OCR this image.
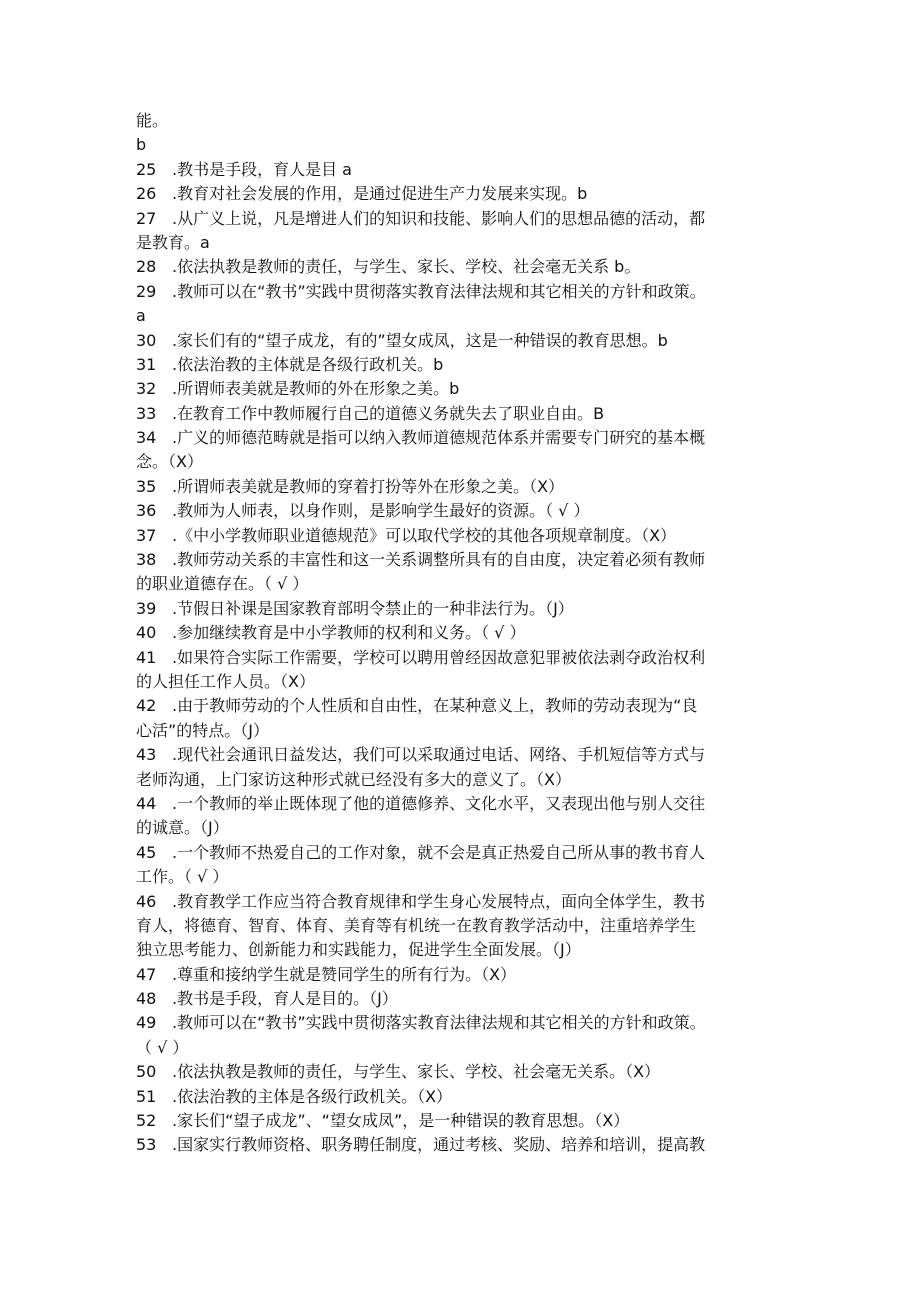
能。
b
25 .教书是手段，育人是目 a
26 .教育对社会发展的作用，是通过促进生产力发展来实现。b
27 .从广义上说，凡是增进人们的知识和技能、影响人们的思想品德的活动，都
是教育。a
28 .依法执教是教师的责任，与学生、家长、学校、社会毫无关系 b。
29 .教师可以在“教书”实践中贯彻落实教育法律法规和其它相关的方针和政策。
a
30 .家长们有的“望子成龙，有的”望女成凤，这是一种错误的教育思想。b
31 .依法治教的主体就是各级行政机关。b
32 .所谓师表美就是教师的外在形象之美。b
33 .在教育工作中教师履行自己的道德义务就失去了职业自由。B
34 .广义的师德范畴就是指可以纳入教师道德规范体系并需要专门研究的基本概
念。（X）
35 .所谓师表美就是教师的穿着打扮等外在形象之美。（X）
36 .教师为人师表，以身作则，是影响学生最好的资源。（ √ ）
37 .《中小学教师职业道德规范》可以取代学校的其他各项规章制度。（X）
38 .教师劳动关系的丰富性和这一关系调整所具有的自由度，决定着必须有教师
的职业道德存在。（ √ ）
39 .节假日补课是国家教育部明令禁止的一种非法行为。（J）
40 .参加继续教育是中小学教师的权利和义务。（ √ ）
41 .如果符合实际工作需要，学校可以聘用曾经因故意犯罪被依法剥夺政治权利
的人担任工作人员。（X）
42 .由于教师劳动的个人性质和自由性，在某种意义上，教师的劳动表现为“良
心活”的特点。（J）
43 .现代社会通讯日益发达，我们可以采取通过电话、网络、手机短信等方式与
老师沟通，上门家访这种形式就已经没有多大的意义了。（X）
44 .一个教师的举止既体现了他的道德修养、文化水平，又表现出他与别人交往
的诚意。（J）
45 .一个教师不热爱自己的工作对象，就不会是真正热爱自己所从事的教书育人
工作。（ √ ）
46 .教育教学工作应当符合教育规律和学生身心发展特点，面向全体学生，教书
育人，将德育、智育、体育、美育等有机统一在教育教学活动中，注重培养学生
独立思考能力、创新能力和实践能力，促进学生全面发展。（J）
47 .尊重和接纳学生就是赞同学生的所有行为。（X）
48 .教书是手段，育人是目的。（J）
49 .教师可以在“教书”实践中贯彻落实教育法律法规和其它相关的方针和政策。
（ √ ）
50 .依法执教是教师的责任，与学生、家长、学校、社会毫无关系。（X）
51 .依法治教的主体是各级行政机关。（X）
52 .家长们“望子成龙”、“望女成凤”，是一种错误的教育思想。（X）
53 .国家实行教师资格、职务聘任制度，通过考核、奖励、培养和培训，提高教
